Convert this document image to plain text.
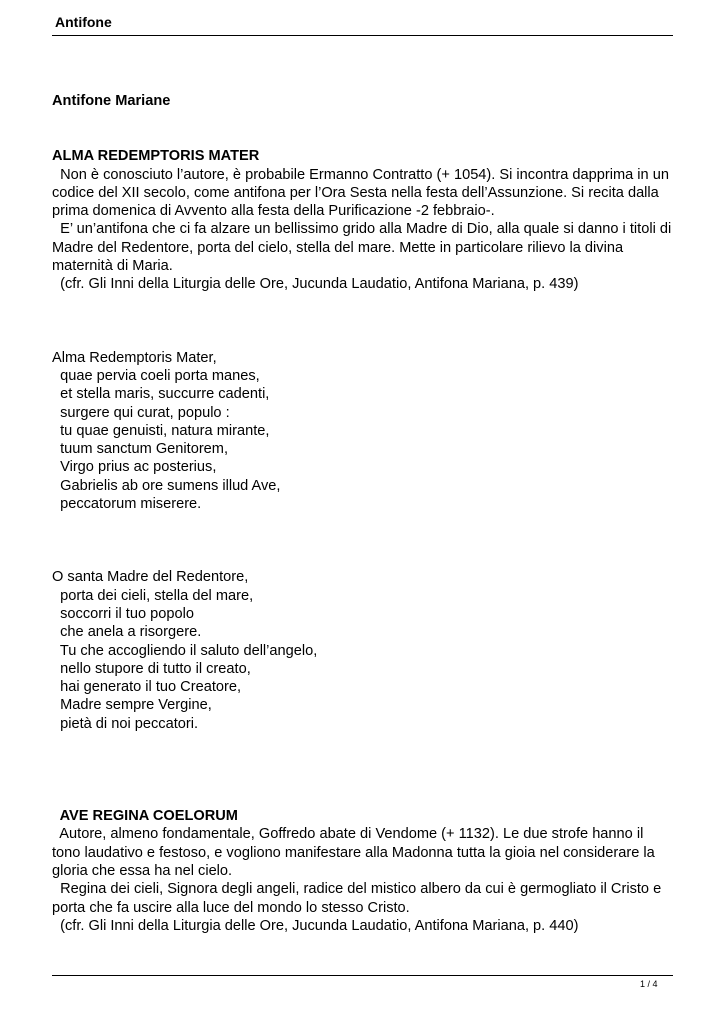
Antifone
Antifone Mariane
ALMA REDEMPTORIS MATER
Non è conosciuto l’autore, è probabile Ermanno Contratto (+ 1054). Si incontra dapprima in un
codice del XII secolo, come antifona per l’Ora Sesta nella festa dell’Assunzione. Si recita dalla
prima domenica di Avvento alla festa della Purificazione -2 febbraio-.
E’ un’antifona che ci fa alzare un bellissimo grido alla Madre di Dio, alla quale si danno i titoli di
Madre del Redentore, porta del cielo, stella del mare. Mette in particolare rilievo la divina
maternità di Maria.
(cfr. Gli Inni della Liturgia delle Ore, Jucunda Laudatio, Antifona Mariana, p. 439)
Alma Redemptoris Mater,
quae pervia coeli porta manes,
et stella maris, succurre cadenti,
surgere qui curat, populo :
tu quae genuisti, natura mirante,
tuum sanctum Genitorem,
Virgo prius ac posterius,
Gabrielis ab ore sumens illud Ave,
peccatorum miserere.
O santa Madre del Redentore,
porta dei cieli, stella del mare,
soccorri il tuo popolo
che anela a risorgere.
Tu che accogliendo il saluto dell’angelo,
nello stupore di tutto il creato,
hai generato il tuo Creatore,
Madre sempre Vergine,
pietà di noi peccatori.
AVE REGINA COELORUM
Autore, almeno fondamentale, Goffredo abate di Vendome (+ 1132). Le due strofe hanno il
tono laudativo e festoso, e vogliono manifestare alla Madonna tutta la gioia nel considerare la
gloria che essa ha nel cielo.
Regina dei cieli, Signora degli angeli, radice del mistico albero da cui è germogliato il Cristo e
porta che fa uscire alla luce del mondo lo stesso Cristo.
(cfr. Gli Inni della Liturgia delle Ore, Jucunda Laudatio, Antifona Mariana, p. 440)
1 / 4
